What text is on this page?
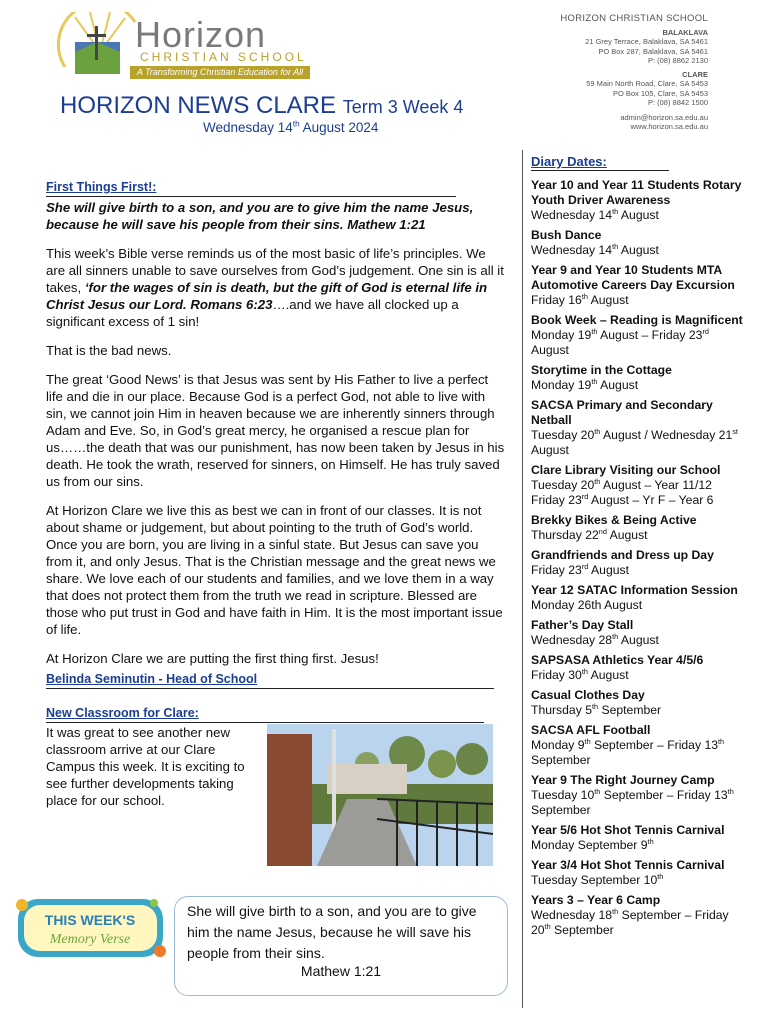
Horizon
CHRISTIAN SCHOOL
A Transforming Christian Education for All
HORIZON CHRISTIAN SCHOOL
BALAKLAVA
21 Grey Terrace, Balaklava, SA 5461
PO Box 287, Balaklava, SA 5461
P: (08) 8862 2130
CLARE
59 Main North Road, Clare, SA 5453
PO Box 105, Clare, SA 5453
P: (08) 8842 1500
admin@horizon.sa.edu.au
www.horizon.sa.edu.au
HORIZON NEWS CLARE Term 3 Week 4
Wednesday 14th August 2024
First Things First!:

She will give birth to a son, and you are to give him the name Jesus, because he will save his people from their sins. Mathew 1:21

This week’s Bible verse reminds us of the most basic of life’s principles. We are all sinners unable to save ourselves from God’s judgement. One sin is all it takes, ‘for the wages of sin is death, but the gift of God is eternal life in Christ Jesus our Lord. Romans 6:23….and we have all clocked up a significant excess of 1 sin!

That is the bad news.

The great ‘Good News’ is that Jesus was sent by His Father to live a perfect life and die in our place. Because God is a perfect God, not able to live with sin, we cannot join Him in heaven because we are inherently sinners through Adam and Eve. So, in God’s great mercy, he organised a rescue plan for us……the death that was our punishment, has now been taken by Jesus in his death. He took the wrath, reserved for sinners, on Himself. He has truly saved us from our sins.

At Horizon Clare we live this as best we can in front of our classes. It is not about shame or judgement, but about pointing to the truth of God’s world. Once you are born, you are living in a sinful state. But Jesus can save you from it, and only Jesus. That is the Christian message and the great news we share. We love each of our students and families, and we love them in a way that does not protect them from the truth we read in scripture. Blessed are those who put trust in God and have faith in Him. It is the most important issue of life.

At Horizon Clare we are putting the first thing first. Jesus!

Belinda Seminutin - Head of School
New Classroom for Clare:

It was great to see another new classroom arrive at our Clare Campus this week. It is exciting to see further developments taking place for our school.

THIS WEEK'S
Memory Verse
She will give birth to a son, and you are to give him the name Jesus, because he will save his people from their sins.
Mathew 1:21
Diary Dates:
Year 10 and Year 11 Students Rotary Youth Driver Awareness
Wednesday 14th August
Bush Dance
Wednesday 14th August
Year 9 and Year 10 Students MTA Automotive Careers Day Excursion
Friday 16th August
Book Week – Reading is Magnificent
Monday 19th August – Friday 23rd August
Storytime in the Cottage
Monday 19th August
SACSA Primary and Secondary Netball
Tuesday 20th August / Wednesday 21st August
Clare Library Visiting our School
Tuesday 20th August – Year 11/12
Friday 23rd August – Yr F – Year 6
Brekky Bikes & Being Active
Thursday 22nd August
Grandfriends and Dress up Day
Friday 23rd August
Year 12 SATAC Information Session
Monday 26th August
Father’s Day Stall
Wednesday 28th August
SAPSASA Athletics Year 4/5/6
Friday 30th August
Casual Clothes Day
Thursday 5th September
SACSA AFL Football
Monday 9th September – Friday 13th September
Year 9 The Right Journey Camp
Tuesday 10th September – Friday 13th September
Year 5/6 Hot Shot Tennis Carnival
Monday September 9th
Year 3/4 Hot Shot Tennis Carnival
Tuesday September 10th
Years 3 – Year 6 Camp
Wednesday 18th September – Friday 20th September
